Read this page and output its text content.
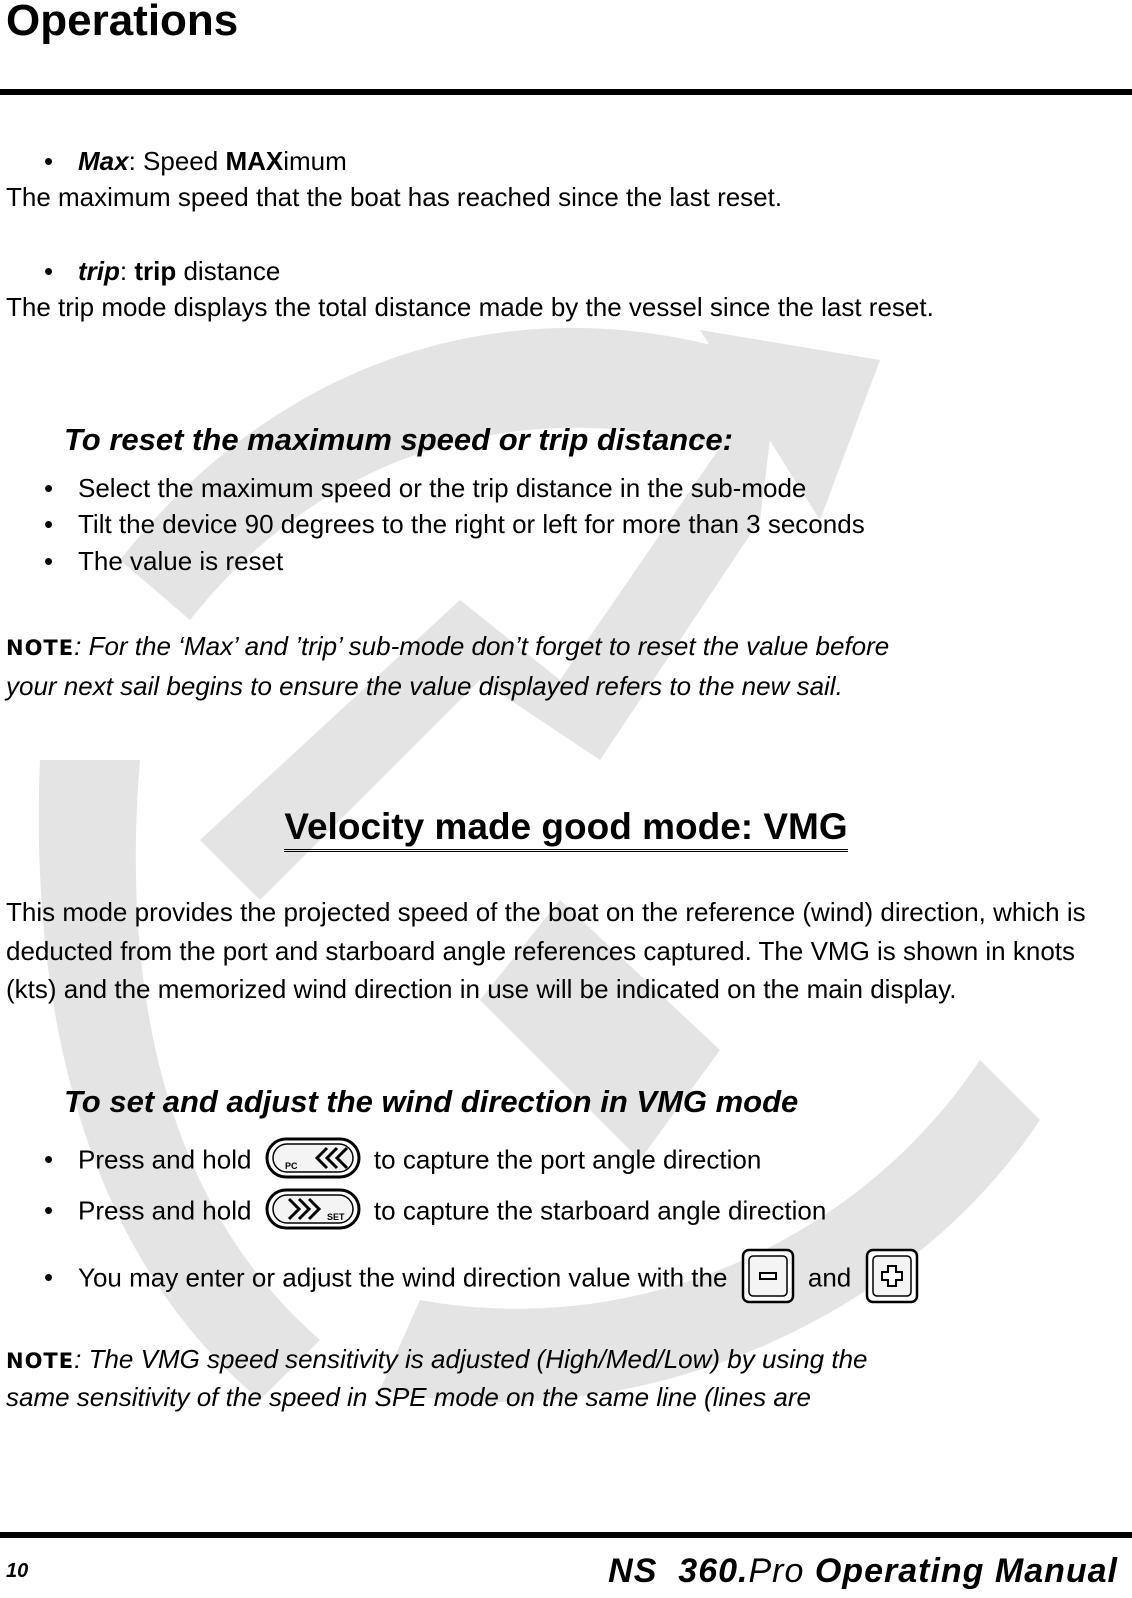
Operations
• Max: Speed MAXimum
The maximum speed that the boat has reached since the last reset.
• trip: trip distance
The trip mode displays the total distance made by the vessel since the last reset.
To reset the maximum speed or trip distance:
• Select the maximum speed or the trip distance in the sub-mode
• Tilt the device 90 degrees to the right or left for more than 3 seconds
• The value is reset
NOTE: For the ‘Max’ and ’trip’ sub-mode don’t forget to reset the value before
your next sail begins to ensure the value displayed refers to the new sail.
Velocity made good mode: VMG
This mode provides the projected speed of the boat on the reference (wind) direction, which is deducted from the port and starboard angle references captured. The VMG is shown in knots (kts) and the memorized wind direction in use will be indicated on the main display.
To set and adjust the wind direction in VMG mode
• Press and hold	PC	to capture the port angle direction
• Press and hold	SET to capture the starboard angle direction
• You may enter or adjust the wind direction value with the	and
NOTE: The VMG speed sensitivity is adjusted (High/Med/Low) by using the
same sensitivity of the speed in SPE mode on the same line (lines are
10	NS 360.Pro Operating Manual
